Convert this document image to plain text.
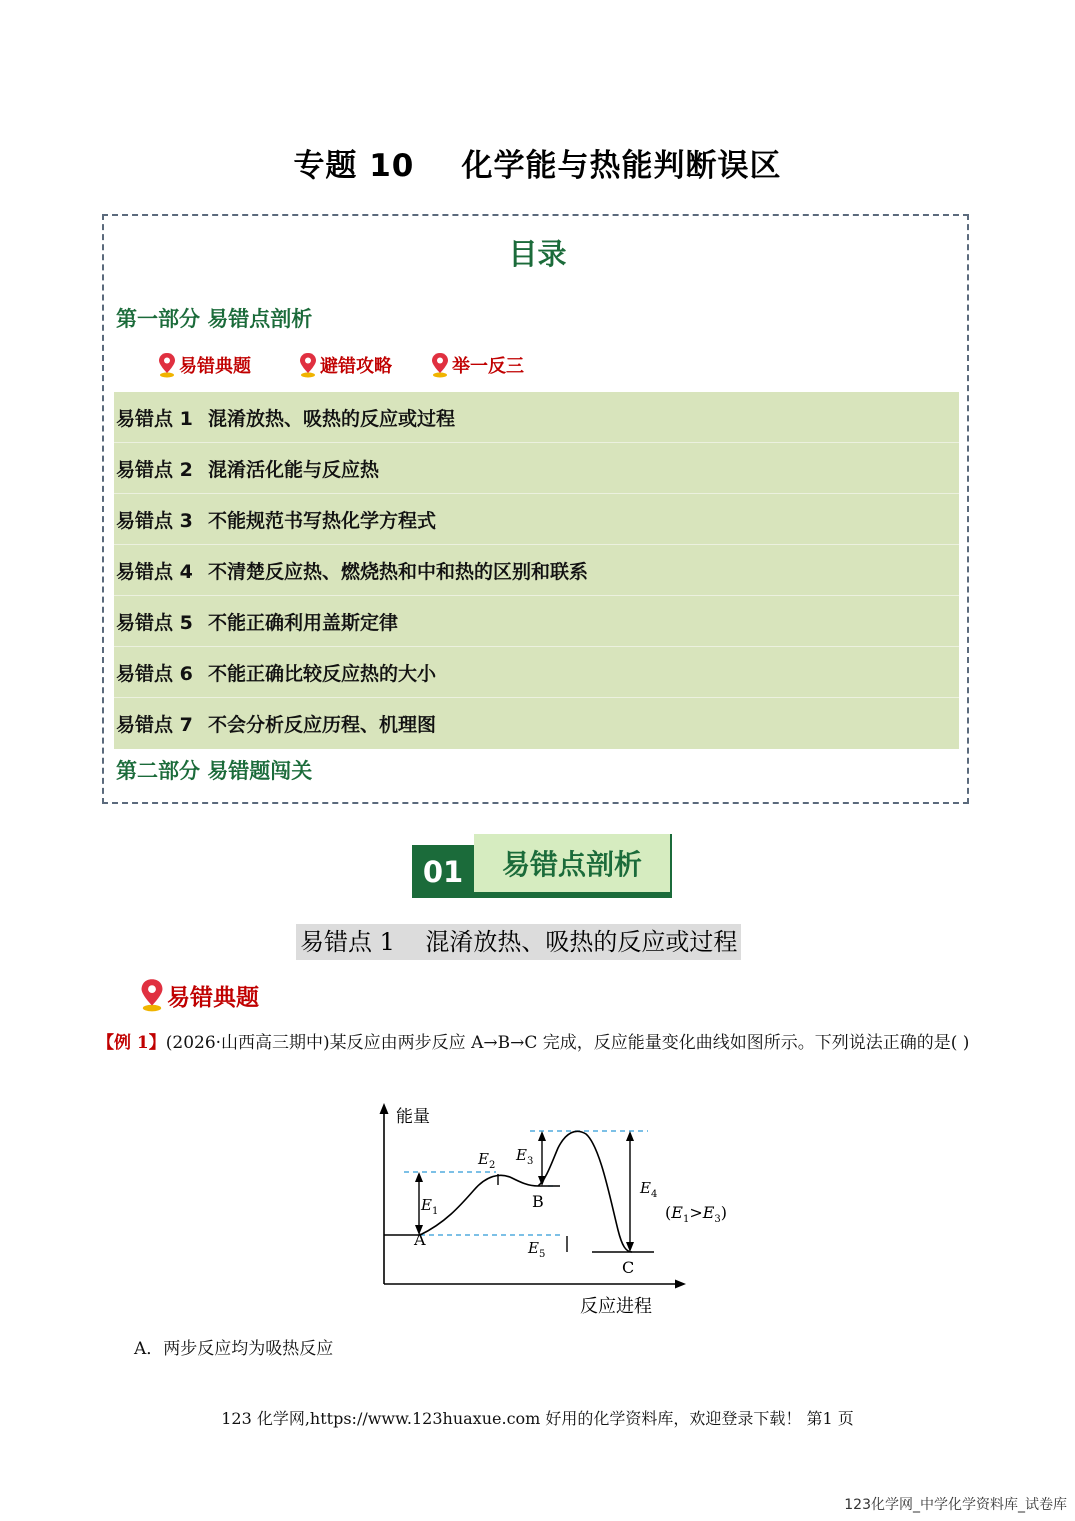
专题 10    化学能与热能判断误区
目录
第一部分 易错点剖析
易错典题	避错攻略	举一反三
易错点 1 混淆放热、吸热的反应或过程
易错点 2 混淆活化能与反应热
易错点 3 不能规范书写热化学方程式
易错点 4 不清楚反应热、燃烧热和中和热的区别和联系
易错点 5 不能正确利用盖斯定律
易错点 6 不能正确比较反应热的大小
易错点 7 不会分析反应历程、机理图
第二部分 易错题闯关
01	易错点剖析
易错点 1    混淆放热、吸热的反应或过程
易错典题
【例 1】(2026·山西高三期中)某反应由两步反应 A→B→C 完成，反应能量变化曲线如图所示。下列说法正确的是( )
能量
反应进程
A
B
C
$E_1$
$E_2$
$E_3$
$E_4$
$E_5$
$(E_1>E_3)$
A．两步反应均为吸热反应
123 化学网,https://www.123huaxue.com 好用的化学资料库，欢迎登录下载！ 第1 页
123化学网_中学化学资料库_试卷库
